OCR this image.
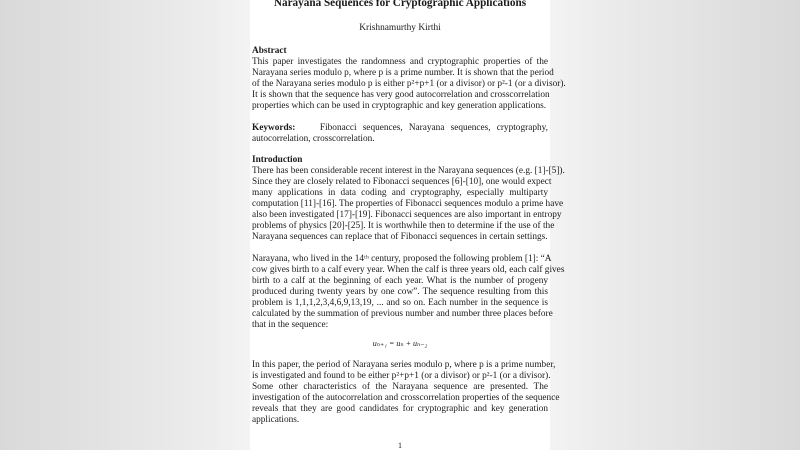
Narayana Sequences for Cryptographic Applications
Krishnamurthy Kirthi
Abstract
This paper investigates the randomness and cryptographic properties of the
Narayana series modulo p, where p is a prime number. It is shown that the period
of the Narayana series modulo p is either p²+p+1 (or a divisor) or p²-1 (or a divisor).
It is shown that the sequence has very good autocorrelation and crosscorrelation
properties which can be used in cryptographic and key generation applications.
Keywords:	Fibonacci sequences, Narayana sequences, cryptography,
autocorrelation, crosscorrelation.
Introduction
There has been considerable recent interest in the Narayana sequences (e.g. [1]-[5]).
Since they are closely related to Fibonacci sequences [6]-[10], one would expect
many applications in data coding and cryptography, especially multiparty
computation [11]-[16]. The properties of Fibonacci sequences modulo a prime have
also been investigated [17]-[19]. Fibonacci sequences are also important in entropy
problems of physics [20]-[25]. It is worthwhile then to determine if the use of the
Narayana sequences can replace that of Fibonacci sequences in certain settings.
Narayana, who lived in the 14ᵗʰ century, proposed the following problem [1]: “A
cow gives birth to a calf every year. When the calf is three years old, each calf gives
birth to a calf at the beginning of each year. What is the number of progeny
produced during twenty years by one cow”. The sequence resulting from this
problem is 1,1,1,2,3,4,6,9,13,19, ... and so on. Each number in the sequence is
calculated by the summation of previous number and number three places before
that in the sequence:
uₙ₊₁ = uₙ + uₙ₋₂
In this paper, the period of Narayana series modulo p, where p is a prime number,
is investigated and found to be either p²+p+1 (or a divisor) or p²-1 (or a divisor).
Some other characteristics of the Narayana sequence are presented. The
investigation of the autocorrelation and crosscorrelation properties of the sequence
reveals that they are good candidates for cryptographic and key generation
applications.
1
